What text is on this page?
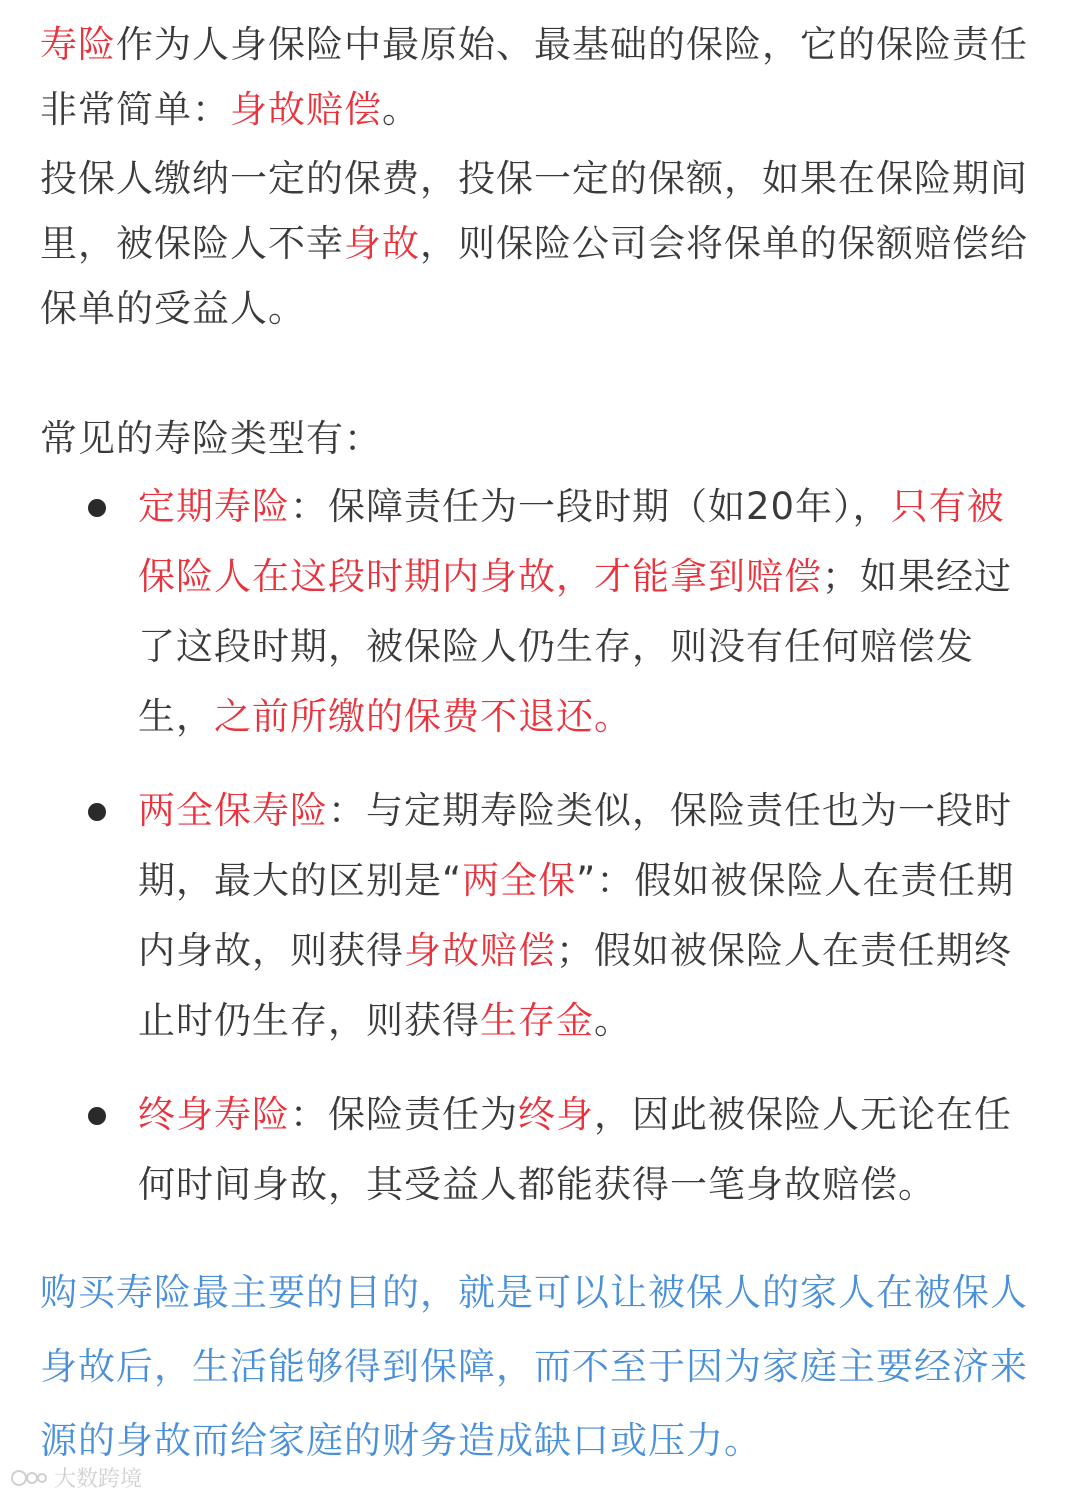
寿险作为人身保险中最原始、最基础的保险，它的保险责任非常简单：身故赔偿。

投保人缴纳一定的保费，投保一定的保额，如果在保险期间里，被保险人不幸身故，则保险公司会将保单的保额赔偿给保单的受益人。

常见的寿险类型有：

定期寿险：保障责任为一段时期（如20年），只有被保险人在这段时期内身故，才能拿到赔偿；如果经过了这段时期，被保险人仍生存，则没有任何赔偿发生，之前所缴的保费不退还。
两全保寿险：与定期寿险类似，保险责任也为一段时期，最大的区别是“两全保”：假如被保险人在责任期内身故，则获得身故赔偿；假如被保险人在责任期终止时仍生存，则获得生存金。
终身寿险：保险责任为终身，因此被保险人无论在任何时间身故，其受益人都能获得一笔身故赔偿。

购买寿险最主要的目的，就是可以让被保人的家人在被保人身故后，生活能够得到保障，而不至于因为家庭主要经济来源的身故而给家庭的财务造成缺口或压力。

大数跨境
